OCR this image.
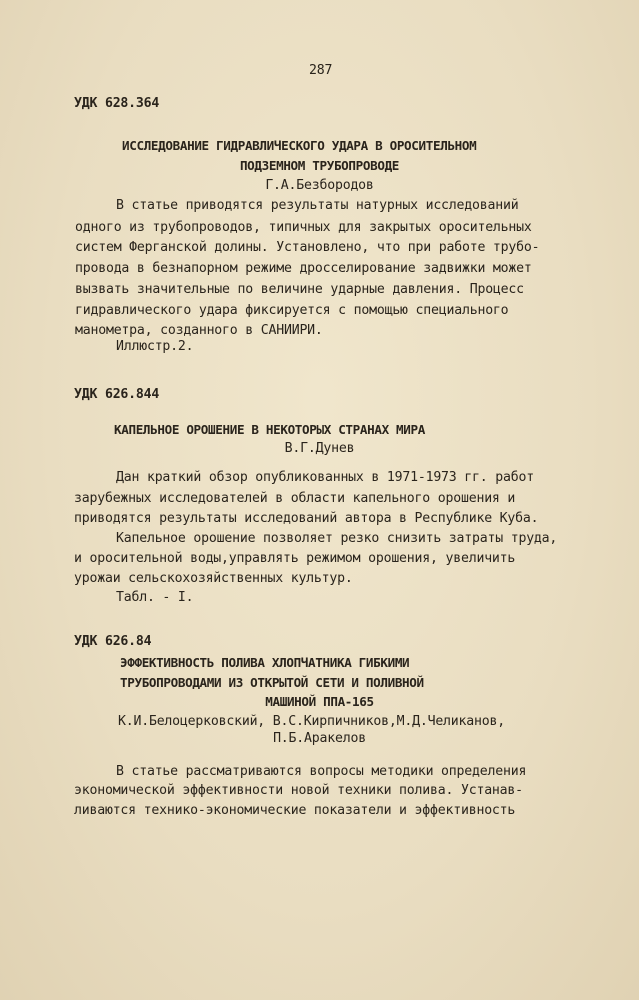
287
УДК 628.364
ИССЛЕДОВАНИЕ ГИДРАВЛИЧЕСКОГО УДАРА В ОРОСИТЕЛЬНОМ
ПОДЗЕМНОМ ТРУБОПРОВОДЕ
Г.А.Безбородов
В статье приводятся результаты натурных исследований
одного из трубопроводов, типичных для закрытых оросительных
систем Ферганской долины. Установлено, что при работе трубо-
провода в безнапорном режиме дросселирование задвижки может
вызвать значительные по величине ударные давления. Процесс
гидравлического удара фиксируется с помощью специального
манометра, созданного в САНИИРИ.
Иллюстр.2.
УДК 626.844
КАПЕЛЬНОЕ ОРОШЕНИЕ В НЕКОТОРЫХ СТРАНАХ МИРА
В.Г.Дунев
Дан краткий обзор опубликованных в 1971-1973 гг. работ
зарубежных исследователей в области капельного орошения и
приводятся результаты исследований автора в Республике Куба.
Капельное орошение позволяет резко снизить затраты труда,
и оросительной воды,управлять режимом орошения, увеличить
урожаи сельскохозяйственных культур.
Табл. - I.
УДК 626.84
ЭФФЕКТИВНОСТЬ ПОЛИВА ХЛОПЧАТНИКА ГИБКИМИ
ТРУБОПРОВОДАМИ ИЗ ОТКРЫТОЙ СЕТИ И ПОЛИВНОЙ
МАШИНОЙ ППА-165
К.И.Белоцерковский, В.С.Кирпичников,М.Д.Челиканов,
П.Б.Аракелов
В статье рассматриваются вопросы методики определения
экономической эффективности новой техники полива. Устанав-
ливаются технико-экономические показатели и эффективность
